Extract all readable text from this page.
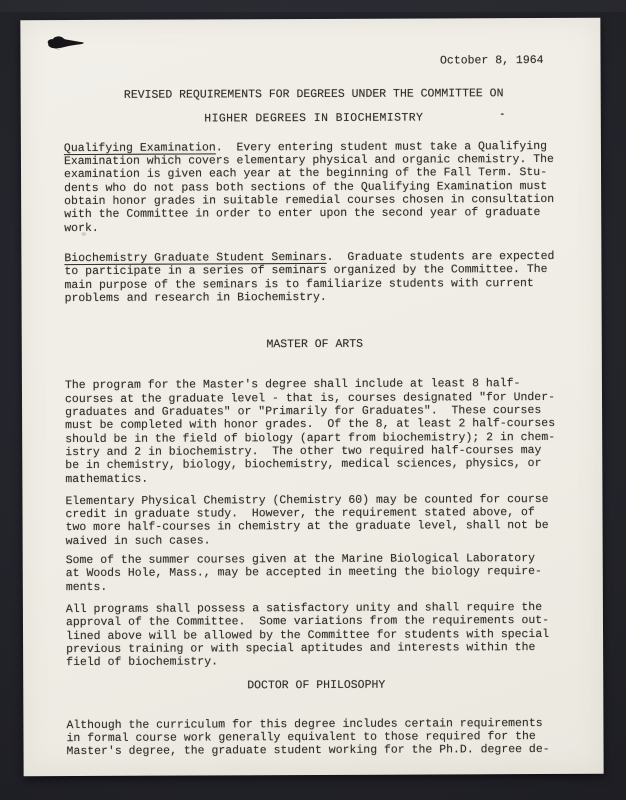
October 8, 1964
REVISED REQUIREMENTS FOR DEGREES UNDER THE COMMITTEE ON
HIGHER DEGREES IN BIOCHEMISTRY

Qualifying Examination.  Every entering student must take a Qualifying
Examination which covers elementary physical and organic chemistry. The
examination is given each year at the beginning of the Fall Term. Stu-
dents who do not pass both sections of the Qualifying Examination must
obtain honor grades in suitable remedial courses chosen in consultation
with the Committee in order to enter upon the second year of graduate
work.

Biochemistry Graduate Student Seminars.  Graduate students are expected
to participate in a series of seminars organized by the Committee. The
main purpose of the seminars is to familiarize students with current
problems and research in Biochemistry.

MASTER OF ARTS

The program for the Master's degree shall include at least 8 half-
courses at the graduate level - that is, courses designated "for Under-
graduates and Graduates" or "Primarily for Graduates".  These courses
must be completed with honor grades.  Of the 8, at least 2 half-courses
should be in the field of biology (apart from biochemistry); 2 in chem-
istry and 2 in biochemistry.  The other two required half-courses may
be in chemistry, biology, biochemistry, medical sciences, physics, or
mathematics.

Elementary Physical Chemistry (Chemistry 60) may be counted for course
credit in graduate study.  However, the requirement stated above, of
two more half-courses in chemistry at the graduate level, shall not be
waived in such cases.

Some of the summer courses given at the Marine Biological Laboratory
at Woods Hole, Mass., may be accepted in meeting the biology require-
ments.

All programs shall possess a satisfactory unity and shall require the
approval of the Committee.  Some variations from the requirements out-
lined above will be allowed by the Committee for students with special
previous training or with special aptitudes and interests within the
field of biochemistry.

DOCTOR OF PHILOSOPHY

Although the curriculum for this degree includes certain requirements
in formal course work generally equivalent to those required for the
Master's degree, the graduate student working for the Ph.D. degree de-
